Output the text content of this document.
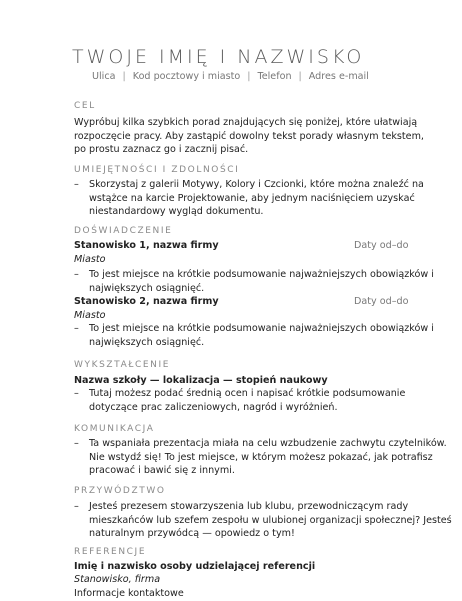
TWOJE IMIĘ I NAZWISKO
Ulica | Kod pocztowy i miasto | Telefon | Adres e-mail
CEL
Wypróbuj kilka szybkich porad znajdujących się poniżej, które ułatwiają
rozpoczęcie pracy. Aby zastąpić dowolny tekst porady własnym tekstem,
po prostu zaznacz go i zacznij pisać.
UMIEJĘTNOŚCI I ZDOLNOŚCI
– Skorzystaj z galerii Motywy, Kolory i Czcionki, które można znaleźć na
wstążce na karcie Projektowanie, aby jednym naciśnięciem uzyskać
niestandardowy wygląd dokumentu.
DOŚWIADCZENIE
Stanowisko 1, nazwa firmy	Daty od–do
Miasto
– To jest miejsce na krótkie podsumowanie najważniejszych obowiązków i
największych osiągnięć.
Stanowisko 2, nazwa firmy	Daty od–do
Miasto
– To jest miejsce na krótkie podsumowanie najważniejszych obowiązków i
największych osiągnięć.
WYKSZTAŁCENIE
Nazwa szkoły — lokalizacja — stopień naukowy
– Tutaj możesz podać średnią ocen i napisać krótkie podsumowanie
dotyczące prac zaliczeniowych, nagród i wyróżnień.
KOMUNIKACJA
– Ta wspaniała prezentacja miała na celu wzbudzenie zachwytu czytelników.
Nie wstydź się! To jest miejsce, w którym możesz pokazać, jak potrafisz
pracować i bawić się z innymi.
PRZYWÓDZTWO
– Jesteś prezesem stowarzyszenia lub klubu, przewodniczącym rady
mieszkańców lub szefem zespołu w ulubionej organizacji społecznej? Jesteś
naturalnym przywódcą — opowiedz o tym!
REFERENCJE
Imię i nazwisko osoby udzielającej referencji
Stanowisko, firma
Informacje kontaktowe
